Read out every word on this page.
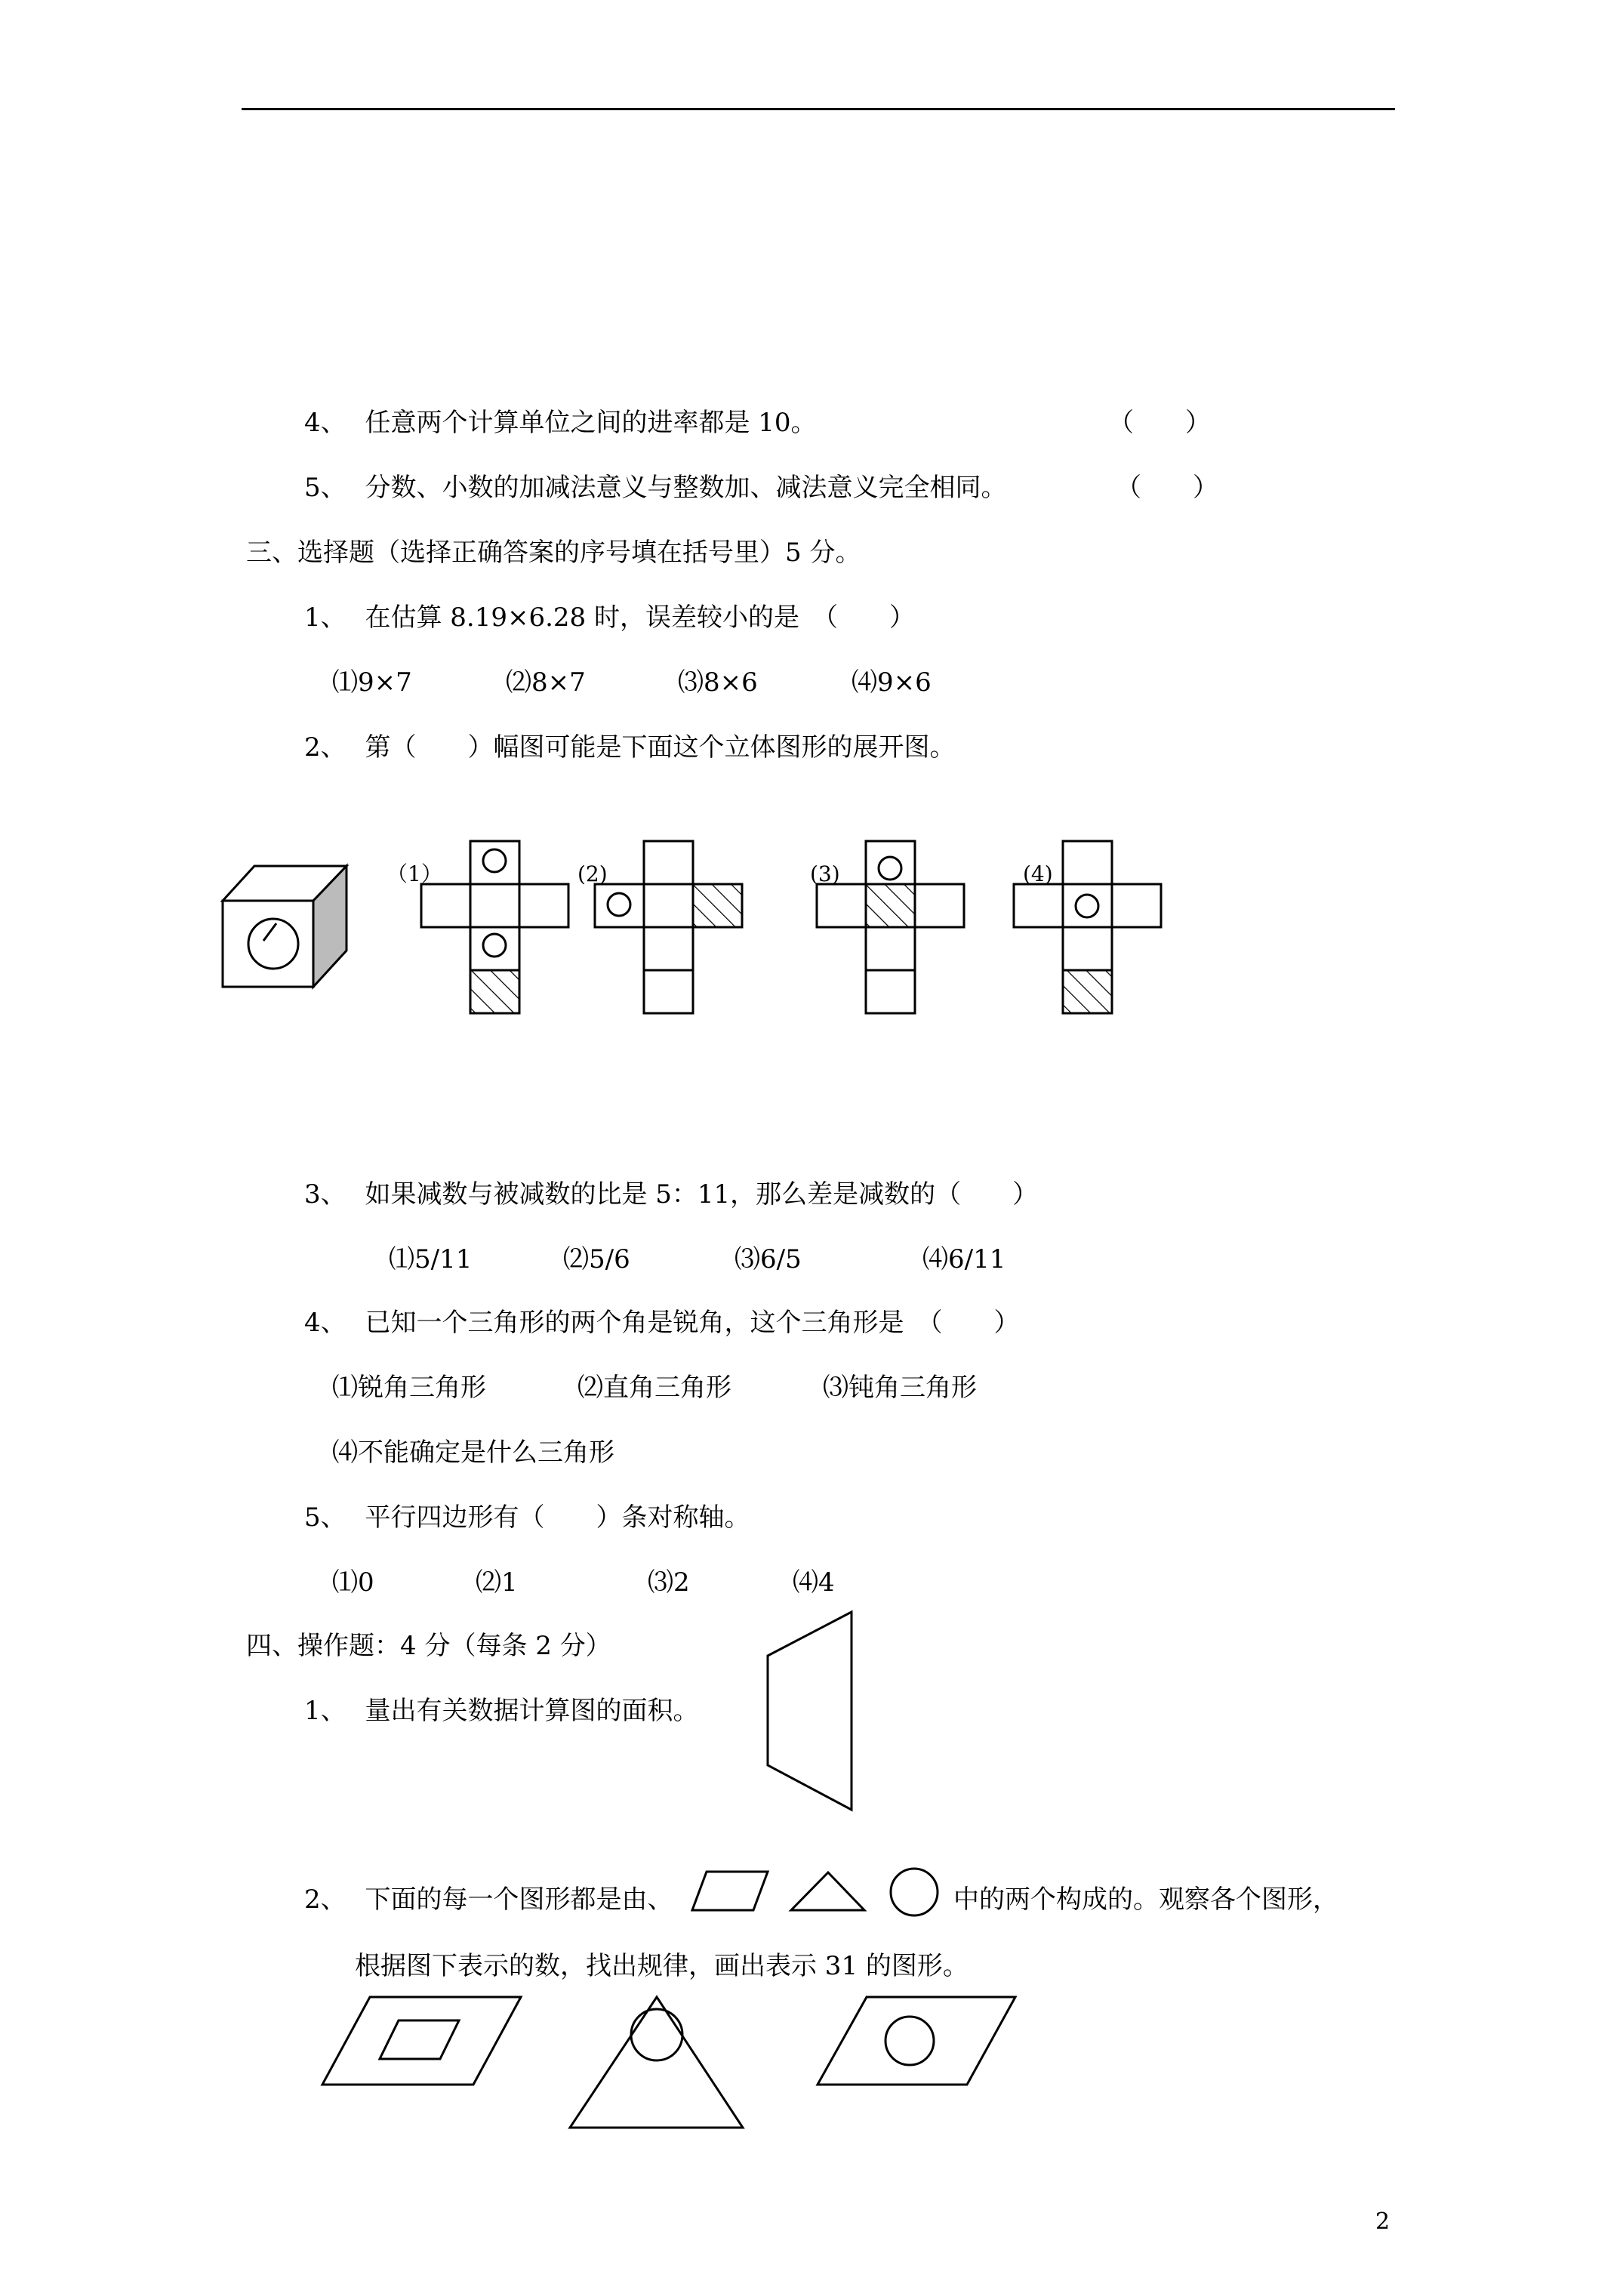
4、 任意两个计算单位之间的进率都是 10。	（　　）
5、 分数、小数的加减法意义与整数加、减法意义完全相同。	（　　）
三、选择题（选择正确答案的序号填在括号里）5 分。
1、 在估算 8.19×6.28 时，误差较小的是　（　　）
⑴9×7	⑵8×7	⑶8×6	⑷9×6
2、 第（　　）幅图可能是下面这个立体图形的展开图。
（1）	(2)	(3)	(4)
3、 如果减数与被减数的比是 5：11，那么差是减数的（　　）
⑴5/11	⑵5/6	⑶6/5	⑷6/11
4、 已知一个三角形的两个角是锐角，这个三角形是　（　　）
⑴锐角三角形	⑵直角三角形	⑶钝角三角形
⑷不能确定是什么三角形
5、 平行四边形有（　　）条对称轴。
⑴0	⑵1	⑶2	⑷4
四、操作题：4 分（每条 2 分）
1、 量出有关数据计算图的面积。
2、 下面的每一个图形都是由、	中的两个构成的。观察各个图形，
根据图下表示的数，找出规律，画出表示 31 的图形。
2
